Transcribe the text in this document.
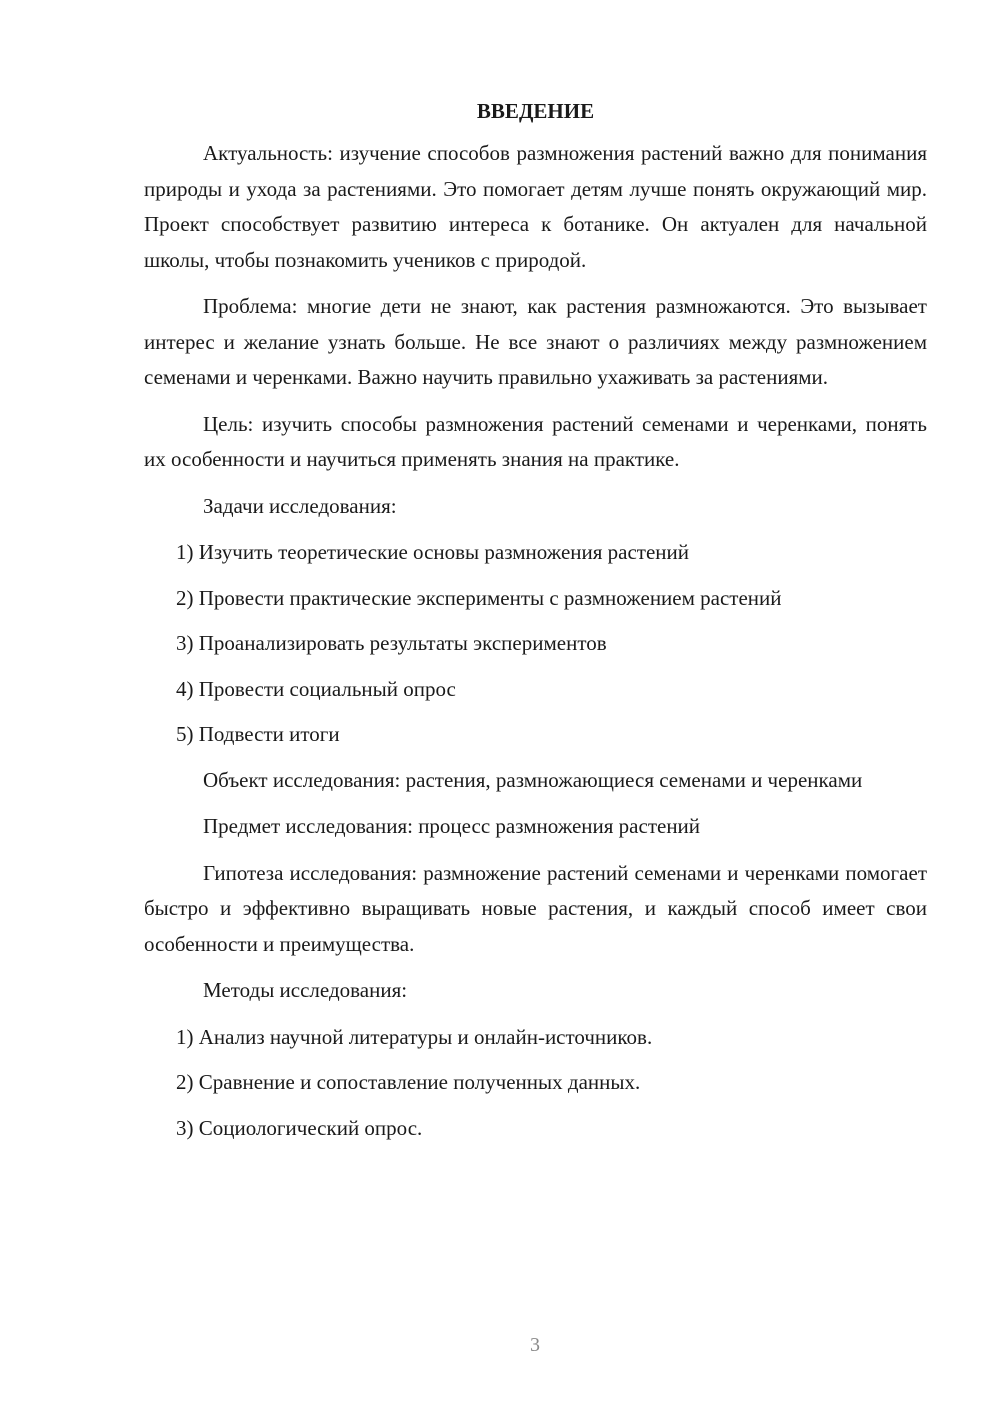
ВВЕДЕНИЕ

Актуальность: изучение способов размножения растений важно для понимания природы и ухода за растениями. Это помогает детям лучше понять окружающий мир. Проект способствует развитию интереса к ботанике. Он актуален для начальной школы, чтобы познакомить учеников с природой.

Проблема: многие дети не знают, как растения размножаются. Это вызывает интерес и желание узнать больше. Не все знают о различиях между размножением семенами и черенками. Важно научить правильно ухаживать за растениями.

Цель: изучить способы размножения растений семенами и черенками, понять их особенности и научиться применять знания на практике.

Задачи исследования:

1) Изучить теоретические основы размножения растений

2) Провести практические эксперименты с размножением растений

3) Проанализировать результаты экспериментов

4) Провести социальный опрос

5) Подвести итоги

Объект исследования: растения, размножающиеся семенами и черенками

Предмет исследования: процесс размножения растений

Гипотеза исследования: размножение растений семенами и черенками помогает быстро и эффективно выращивать новые растения, и каждый способ имеет свои особенности и преимущества.

Методы исследования:

1) Анализ научной литературы и онлайн-источников.

2) Сравнение и сопоставление полученных данных.

3) Социологический опрос.

3
